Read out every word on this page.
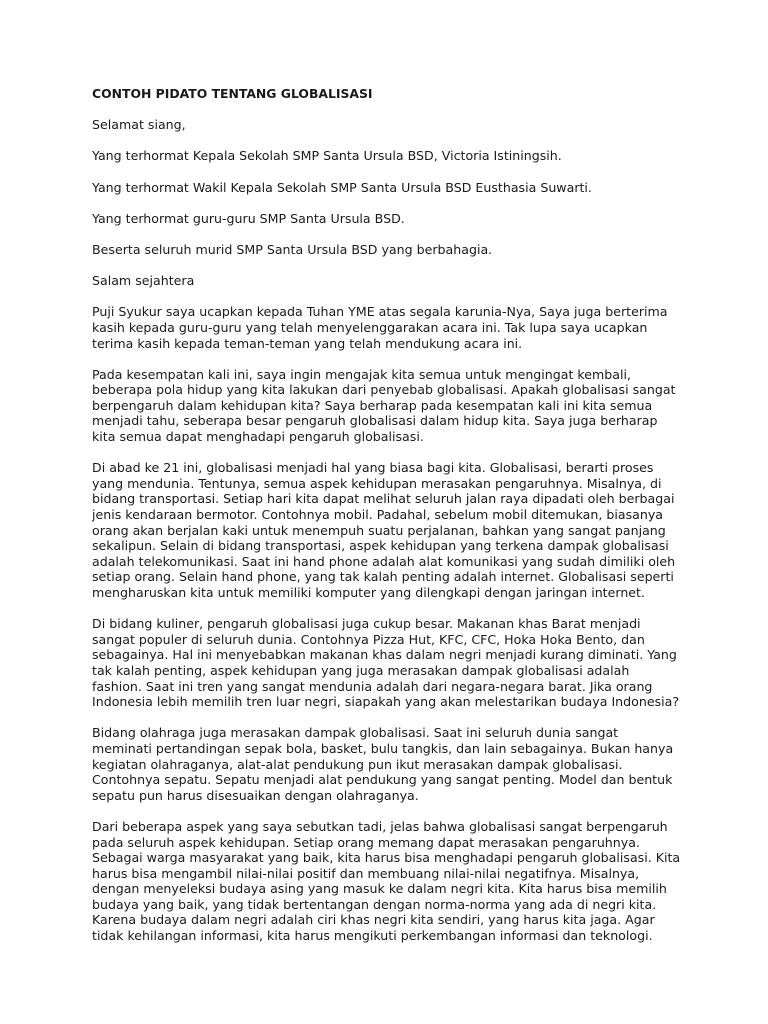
CONTOH PIDATO TENTANG GLOBALISASI

Selamat siang,

Yang terhormat Kepala Sekolah SMP Santa Ursula BSD, Victoria Istiningsih.

Yang terhormat Wakil Kepala Sekolah SMP Santa Ursula BSD Eusthasia Suwarti.

Yang terhormat guru-guru SMP Santa Ursula BSD.

Beserta seluruh murid SMP Santa Ursula BSD yang berbahagia.

Salam sejahtera

Puji Syukur saya ucapkan kepada Tuhan YME atas segala karunia-Nya, Saya juga berterima kasih kepada guru-guru yang telah menyelenggarakan acara ini. Tak lupa saya ucapkan terima kasih kepada teman-teman yang telah mendukung acara ini.

Pada kesempatan kali ini, saya ingin mengajak kita semua untuk mengingat kembali, beberapa pola hidup yang kita lakukan dari penyebab globalisasi. Apakah globalisasi sangat berpengaruh dalam kehidupan kita? Saya berharap pada kesempatan kali ini kita semua menjadi tahu, seberapa besar pengaruh globalisasi dalam hidup kita. Saya juga berharap kita semua dapat menghadapi pengaruh globalisasi.

Di abad ke 21 ini, globalisasi menjadi hal yang biasa bagi kita. Globalisasi, berarti proses yang mendunia. Tentunya, semua aspek kehidupan merasakan pengaruhnya. Misalnya, di bidang transportasi. Setiap hari kita dapat melihat seluruh jalan raya dipadati oleh berbagai jenis kendaraan bermotor. Contohnya mobil. Padahal, sebelum mobil ditemukan, biasanya orang akan berjalan kaki untuk menempuh suatu perjalanan, bahkan yang sangat panjang sekalipun. Selain di bidang transportasi, aspek kehidupan yang terkena dampak globalisasi adalah telekomunikasi. Saat ini hand phone adalah alat komunikasi yang sudah dimiliki oleh setiap orang. Selain hand phone, yang tak kalah penting adalah internet. Globalisasi seperti mengharuskan kita untuk memiliki komputer yang dilengkapi dengan jaringan internet.

Di bidang kuliner, pengaruh globalisasi juga cukup besar. Makanan khas Barat menjadi sangat populer di seluruh dunia. Contohnya Pizza Hut, KFC, CFC, Hoka Hoka Bento, dan sebagainya. Hal ini menyebabkan makanan khas dalam negri menjadi kurang diminati. Yang tak kalah penting, aspek kehidupan yang juga merasakan dampak globalisasi adalah fashion. Saat ini tren yang sangat mendunia adalah dari negara-negara barat. Jika orang Indonesia lebih memilih tren luar negri, siapakah yang akan melestarikan budaya Indonesia?

Bidang olahraga juga merasakan dampak globalisasi. Saat ini seluruh dunia sangat meminati pertandingan sepak bola, basket, bulu tangkis, dan lain sebagainya. Bukan hanya kegiatan olahraganya, alat-alat pendukung pun ikut merasakan dampak globalisasi. Contohnya sepatu. Sepatu menjadi alat pendukung yang sangat penting. Model dan bentuk sepatu pun harus disesuaikan dengan olahraganya.

Dari beberapa aspek yang saya sebutkan tadi, jelas bahwa globalisasi sangat berpengaruh pada seluruh aspek kehidupan. Setiap orang memang dapat merasakan pengaruhnya. Sebagai warga masyarakat yang baik, kita harus bisa menghadapi pengaruh globalisasi. Kita harus bisa mengambil nilai-nilai positif dan membuang nilai-nilai negatifnya. Misalnya, dengan menyeleksi budaya asing yang masuk ke dalam negri kita. Kita harus bisa memilih budaya yang baik, yang tidak bertentangan dengan norma-norma yang ada di negri kita. Karena budaya dalam negri adalah ciri khas negri kita sendiri, yang harus kita jaga. Agar tidak kehilangan informasi, kita harus mengikuti perkembangan informasi dan teknologi.
